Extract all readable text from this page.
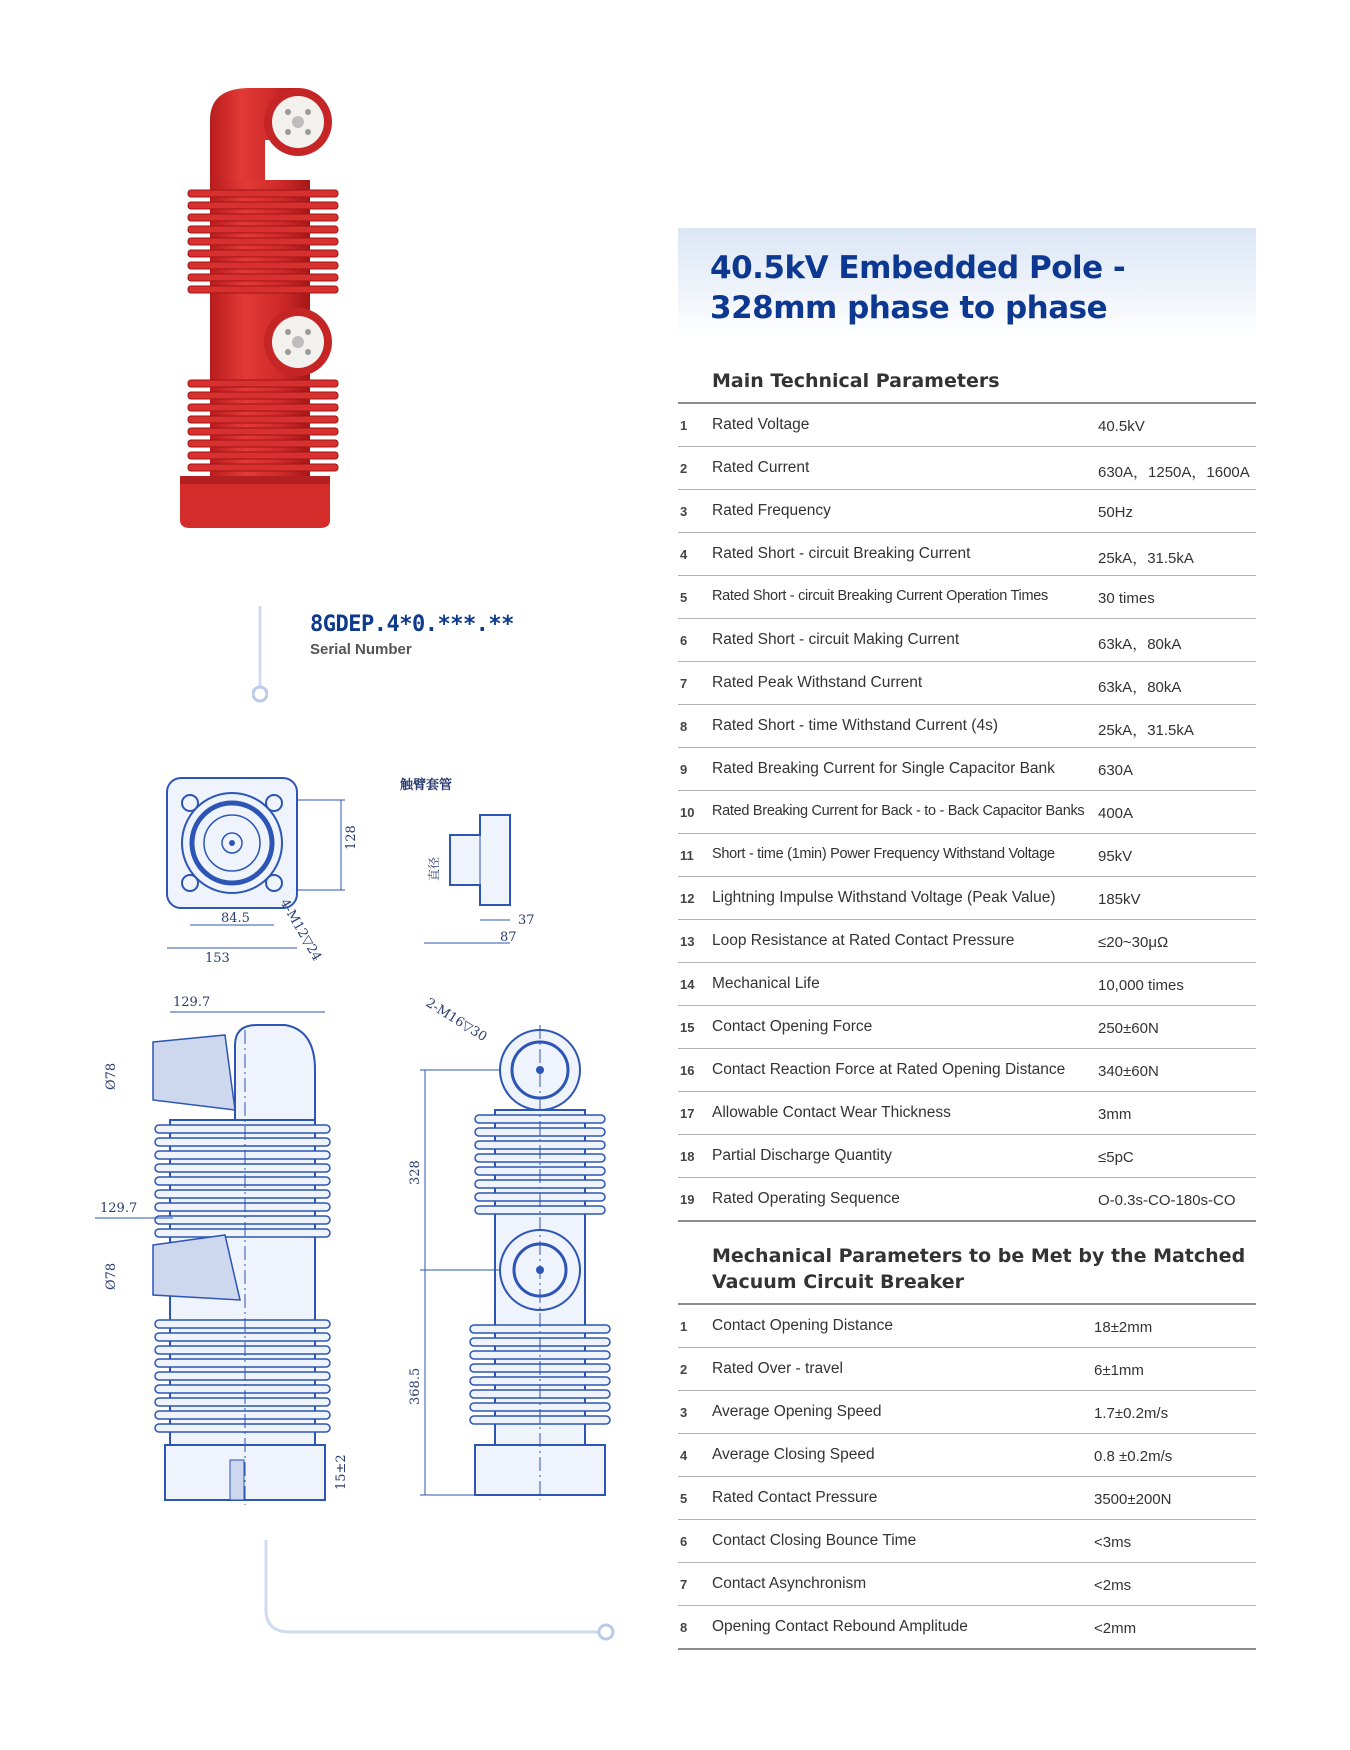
8GDEP.4*0.***.**
Serial Number
128
84.5
153	4-M12▽24
触臂套管
直径
37
87
129.7
Ø78
129.7
Ø78
15±2
2-M16▽30
328
368.5
40.5kV Embedded Pole -
328mm phase to phase
Main Technical Parameters
1 Rated Voltage	40.5kV
2 Rated Current	630A，1250A，1600A
3 Rated Frequency	50Hz
4 Rated Short - circuit Breaking Current	25kA，31.5kA
5 Rated Short - circuit Breaking Current Operation Times	30 times
6 Rated Short - circuit Making Current	63kA，80kA
7 Rated Peak Withstand Current	63kA，80kA
8 Rated Short - time Withstand Current (4s)	25kA，31.5kA
9 Rated Breaking Current for Single Capacitor Bank	630A
10 Rated Breaking Current for Back - to - Back Capacitor Banks 400A
11 Short - time (1min) Power Frequency Withstand Voltage	95kV
12 Lightning Impulse Withstand Voltage (Peak Value)	185kV
13 Loop Resistance at Rated Contact Pressure	≤20~30μΩ
14 Mechanical Life	10,000 times
15 Contact Opening Force	250±60N
16 Contact Reaction Force at Rated Opening Distance 340±60N
17 Allowable Contact Wear Thickness	3mm
18 Partial Discharge Quantity	≤5pC
19 Rated Operating Sequence	O-0.3s-CO-180s-CO
Mechanical Parameters to be Met by the Matched
Vacuum Circuit Breaker
1 Contact Opening Distance	18±2mm
2 Rated Over - travel	6±1mm
3 Average Opening Speed	1.7±0.2m/s
4 Average Closing Speed	0.8 ±0.2m/s
5 Rated Contact Pressure	3500±200N
6 Contact Closing Bounce Time	<3ms
7 Contact Asynchronism	<2ms
8 Opening Contact Rebound Amplitude	<2mm
